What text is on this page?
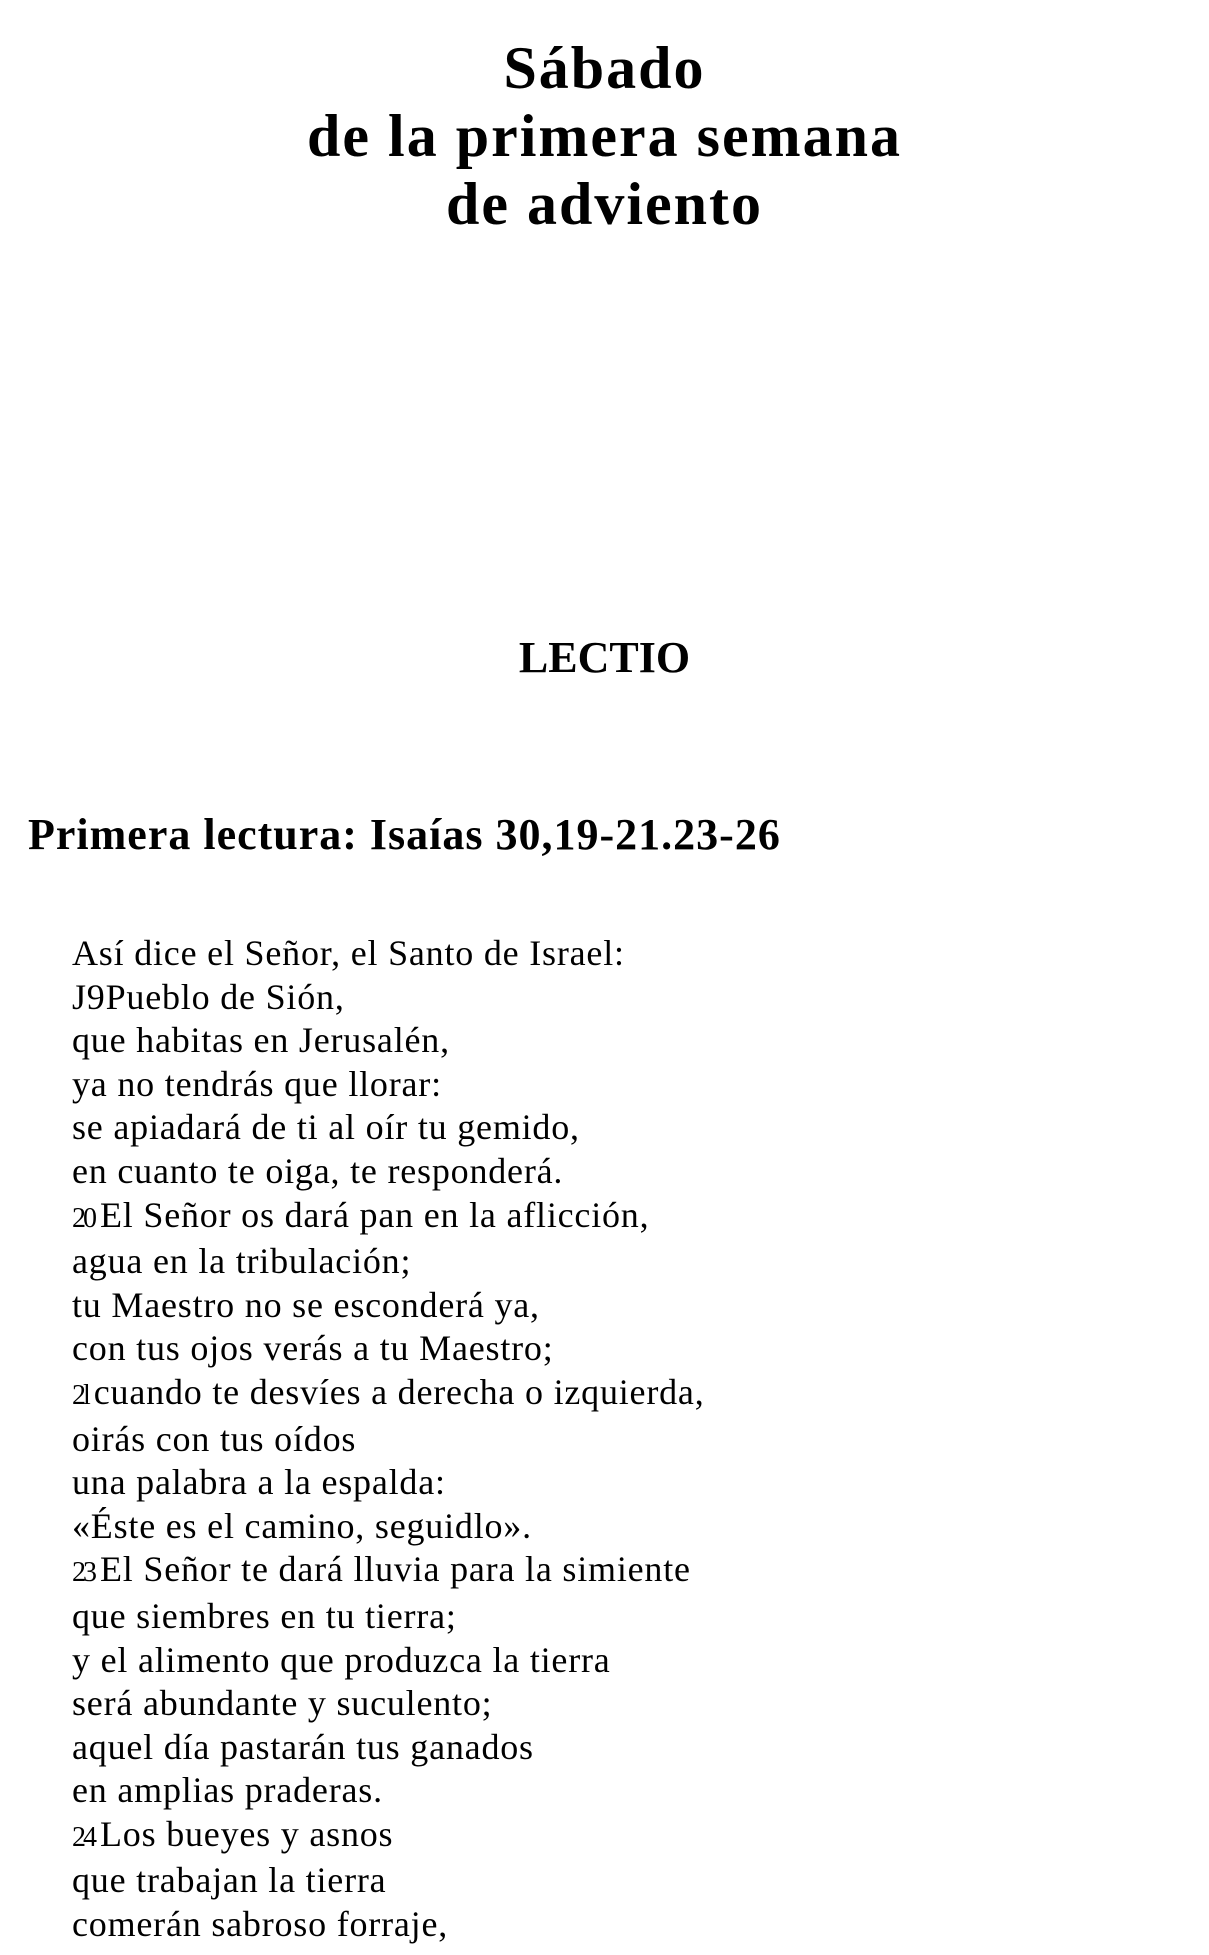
Sábado
de la primera semana
de adviento
LECTIO
Primera lectura: Isaías 30,19-21.23-26
Así dice el Señor, el Santo de Israel:
J9Pueblo de Sión,
que habitas en Jerusalén,
ya no tendrás que llorar:
se apiadará de ti al oír tu gemido,
en cuanto te oiga, te responderá.
20 El Señor os dará pan en la aflicción,
agua en la tribulación;
tu Maestro no se esconderá ya,
con tus ojos verás a tu Maestro;
2l cuando te desvíes a derecha o izquierda,
oirás con tus oídos
una palabra a la espalda:
«Éste es el camino, seguidlo».
23 El Señor te dará lluvia para la simiente
que siembres en tu tierra;
y el alimento que produzca la tierra
será abundante y suculento;
aquel día pastarán tus ganados
en amplias praderas.
24 Los bueyes y asnos
que trabajan la tierra
comerán sabroso forraje,
